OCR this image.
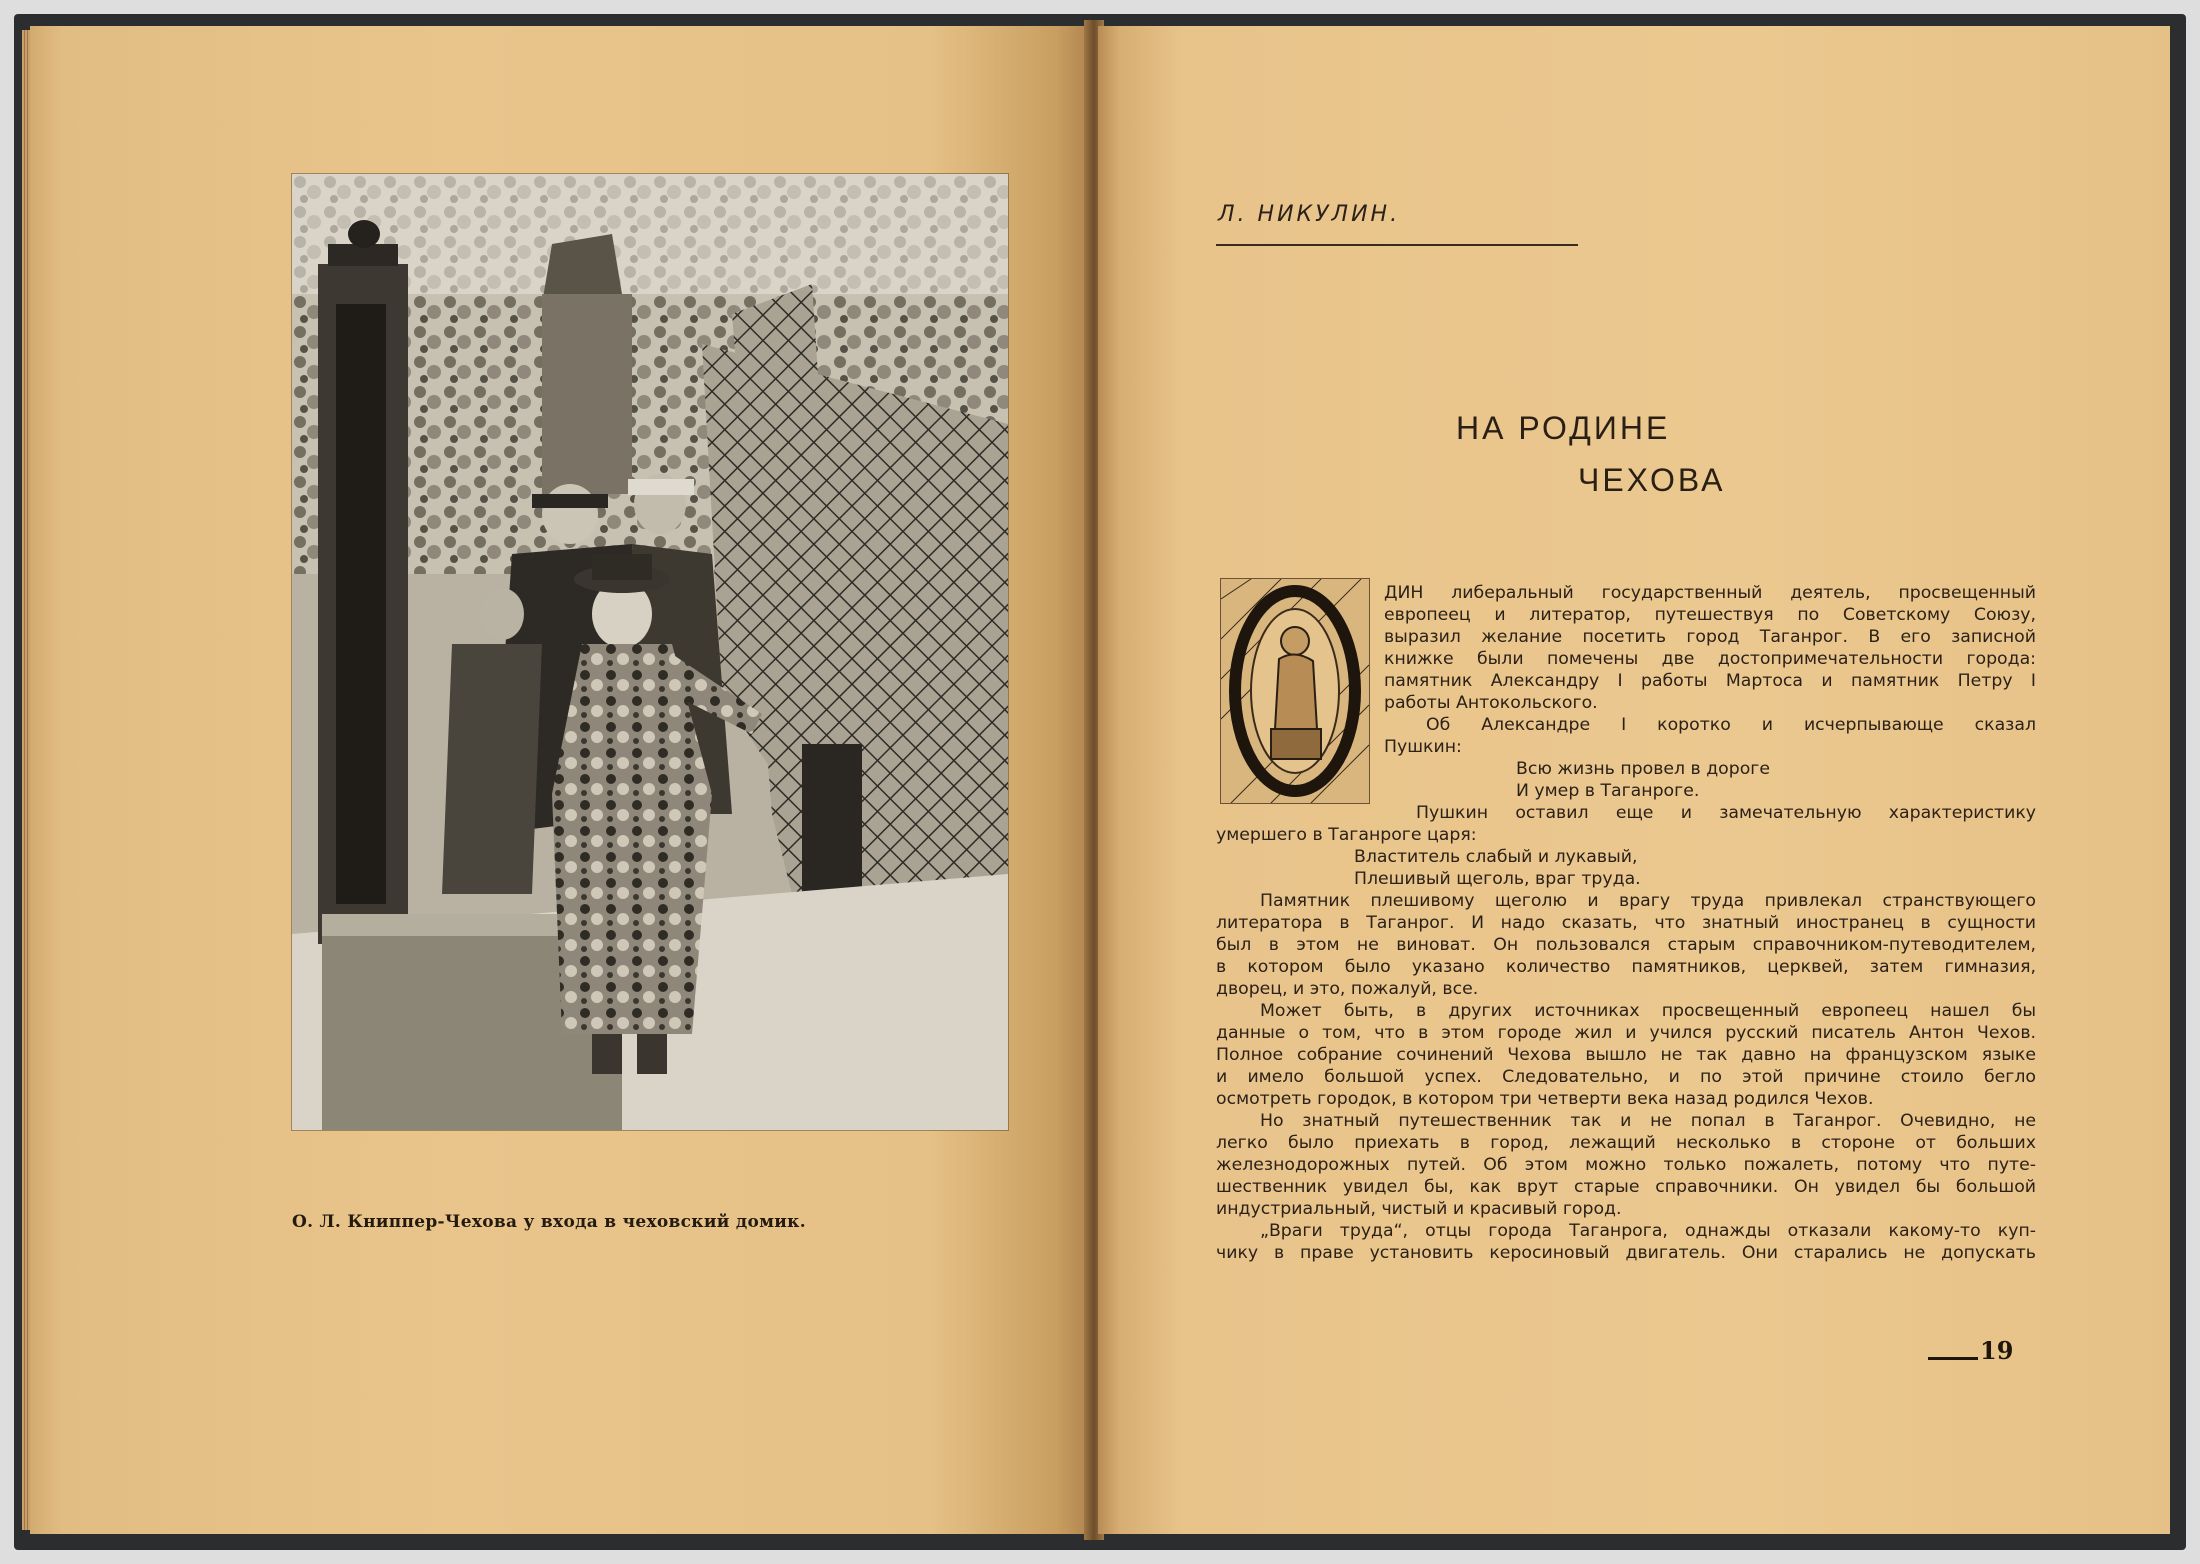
О. Л. Книппер-Чехова у входа в чеховский домик.
Л. НИКУЛИН.
НА РОДИНЕ
ЧЕХОВА
ДИН либеральный государственный деятель, просвещенный
европеец и литератор, путешествуя по Советскому Союзу,
выразил желание посетить город Таганрог. В его записной
книжке были помечены две достопримечательности города:
памятник Александру I работы Мартоса и памятник Петру I
работы Антокольского.
Об Александре I коротко и исчерпывающе сказал
Пушкин:
Всю жизнь провел в дороге
И умер в Таганроге.
Пушкин оставил еще и замечательную характеристику
умершего в Таганроге царя:
Властитель слабый и лукавый,
Плешивый щеголь, враг труда.
Памятник плешивому щеголю и врагу труда привлекал странствующего
литератора в Таганрог. И надо сказать, что знатный иностранец в сущности
был в этом не виноват. Он пользовался старым справочником-путеводителем,
в котором было указано количество памятников, церквей, затем гимназия,
дворец, и это, пожалуй, все.
Может быть, в других источниках просвещенный европеец нашел бы
данные о том, что в этом городе жил и учился русский писатель Антон Чехов.
Полное собрание сочинений Чехова вышло не так давно на французском языке
и имело большой успех. Следовательно, и по этой причине стоило бегло
осмотреть городок, в котором три четверти века назад родился Чехов.
Но знатный путешественник так и не попал в Таганрог. Очевидно, не
легко было приехать в город, лежащий несколько в стороне от больших
железнодорожных путей. Об этом можно только пожалеть, потому что путе-
шественник увидел бы, как врут старые справочники. Он увидел бы большой
индустриальный, чистый и красивый город.
„Враги труда“, отцы города Таганрога, однажды отказали какому-то куп-
чику в праве установить керосиновый двигатель. Они старались не допускать
19
